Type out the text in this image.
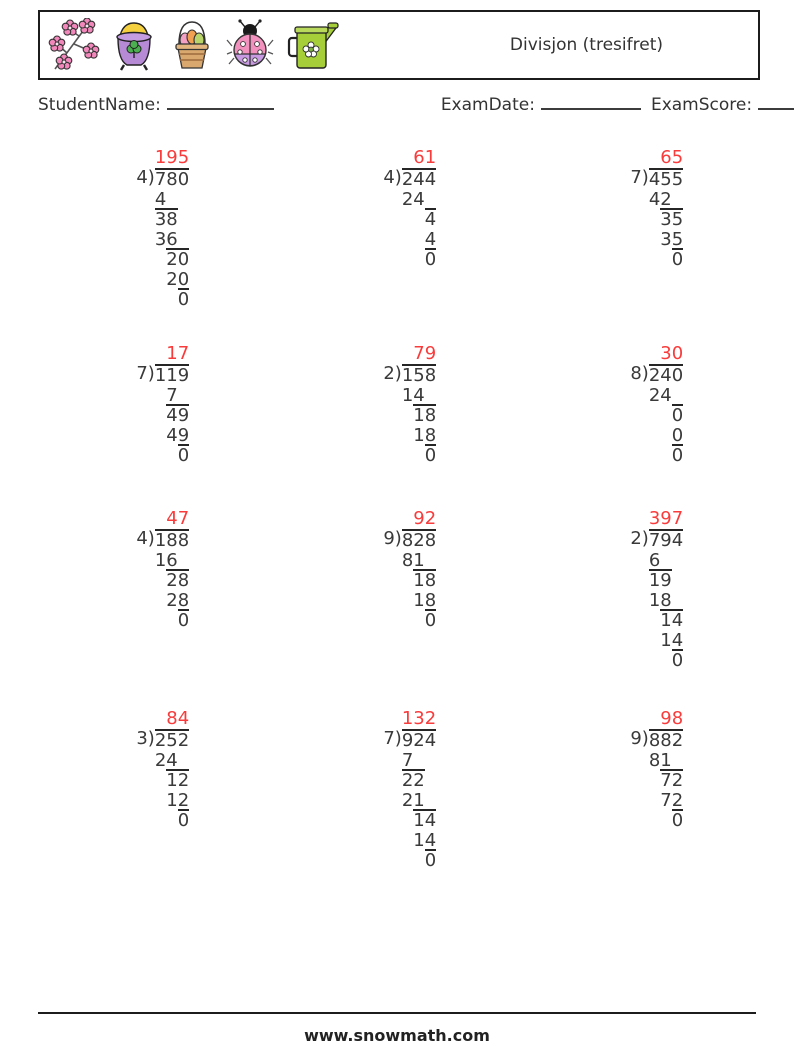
Divisjon (tresifret)
StudentName:	ExamDate:	ExamScore:
195
4) 780
4
38
36
20
20
0
61
4) 244
24
4
4
0
65
7) 455
42
35
35
0
17
7) 119
7
49
49
0
79
2) 158
14
18
18
0
30
8) 240
24
0
0
0
47
4) 188
16
28
28
0
92
9) 828
81
18
18
0
397
2) 794
6
19
18
14
14
0
84
3) 252
24
12
12
0
132
7) 924
7
22
21
14
14
0
98
9) 882
81
72
72
0
www.snowmath.com
